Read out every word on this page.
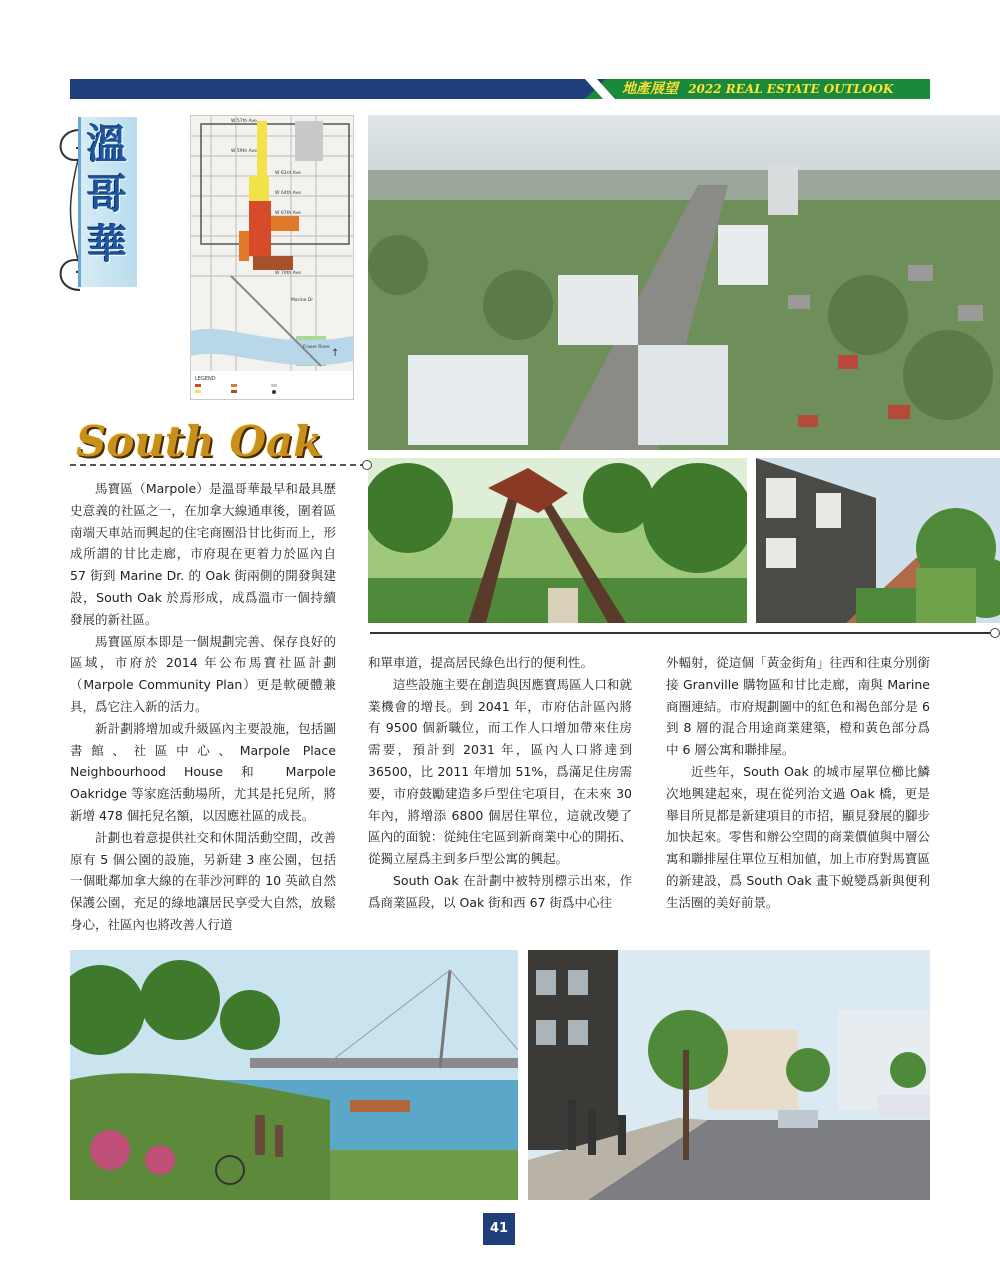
地產展望 2022 REAL ESTATE OUTLOOK
溫
哥
華
LEGEND
W 57th Ave
W 59th Ave
W 63rd Ave
W 64th Ave
W 67th Ave
W 70th Ave
Marine Dr
Fraser River
↑
South Oak

馬寶區（Marpole）是溫哥華最早和最具歷史意義的社區之一，在加拿大線通車後，圍着區南端天車站而興起的住宅商圈沿甘比街而上，形成所謂的甘比走廊，市府現在更着力於區內自 57 街到 Marine Dr. 的 Oak 街兩側的開發與建設，South Oak 於焉形成，成爲溫市一個持續發展的新社區。

馬寶區原本即是一個規劃完善、保存良好的區域，市府於 2014 年公布馬寶社區計劃（Marpole Community Plan）更是軟硬體兼具，爲它注入新的活力。

新計劃將增加或升級區內主要設施，包括圖書館、社區中心、Marpole Place Neighbourhood House 和 Marpole Oakridge 等家庭活動場所，尤其是托兒所，將新增 478 個托兒名額，以因應社區的成長。

計劃也着意提供社交和休閒活動空間，改善原有 5 個公園的設施，另新建 3 座公園，包括一個毗鄰加拿大線的在菲沙河畔的 10 英畝自然保護公園，充足的綠地讓居民享受大自然，放鬆身心，社區內也將改善人行道

和單車道，提高居民綠色出行的便利性。

這些設施主要在創造與因應寶馬區人口和就業機會的增長。到 2041 年，市府估計區內將有 9500 個新職位，而工作人口增加帶來住房需要，預計到 2031 年，區內人口將達到 36500，比 2011 年增加 51%，爲滿足住房需要，市府鼓勵建造多戶型住宅項目，在未來 30 年內，將增添 6800 個居住單位，這就改變了區內的面貌：從純住宅區到新商業中心的開拓、從獨立屋爲主到多戶型公寓的興起。

South Oak 在計劃中被特別標示出來，作爲商業區段，以 Oak 街和西 67 街爲中心往

外輻射，從這個「黃金街角」往西和往東分別銜接 Granville 購物區和甘比走廊，南與 Marine 商圈連結。市府規劃圖中的紅色和褐色部分是 6 到 8 層的混合用途商業建築，橙和黃色部分爲中 6 層公寓和聯排屋。

近些年，South Oak 的城市屋單位櫛比鱗次地興建起來，現在從列治文過 Oak 橋，更是舉目所見都是新建項目的市招，顯見發展的腳步加快起來。零售和辦公空間的商業價値與中層公寓和聯排屋住單位互相加値，加上市府對馬寶區的新建設，爲 South Oak 畫下蛻變爲新與便利生活圈的美好前景。

41
